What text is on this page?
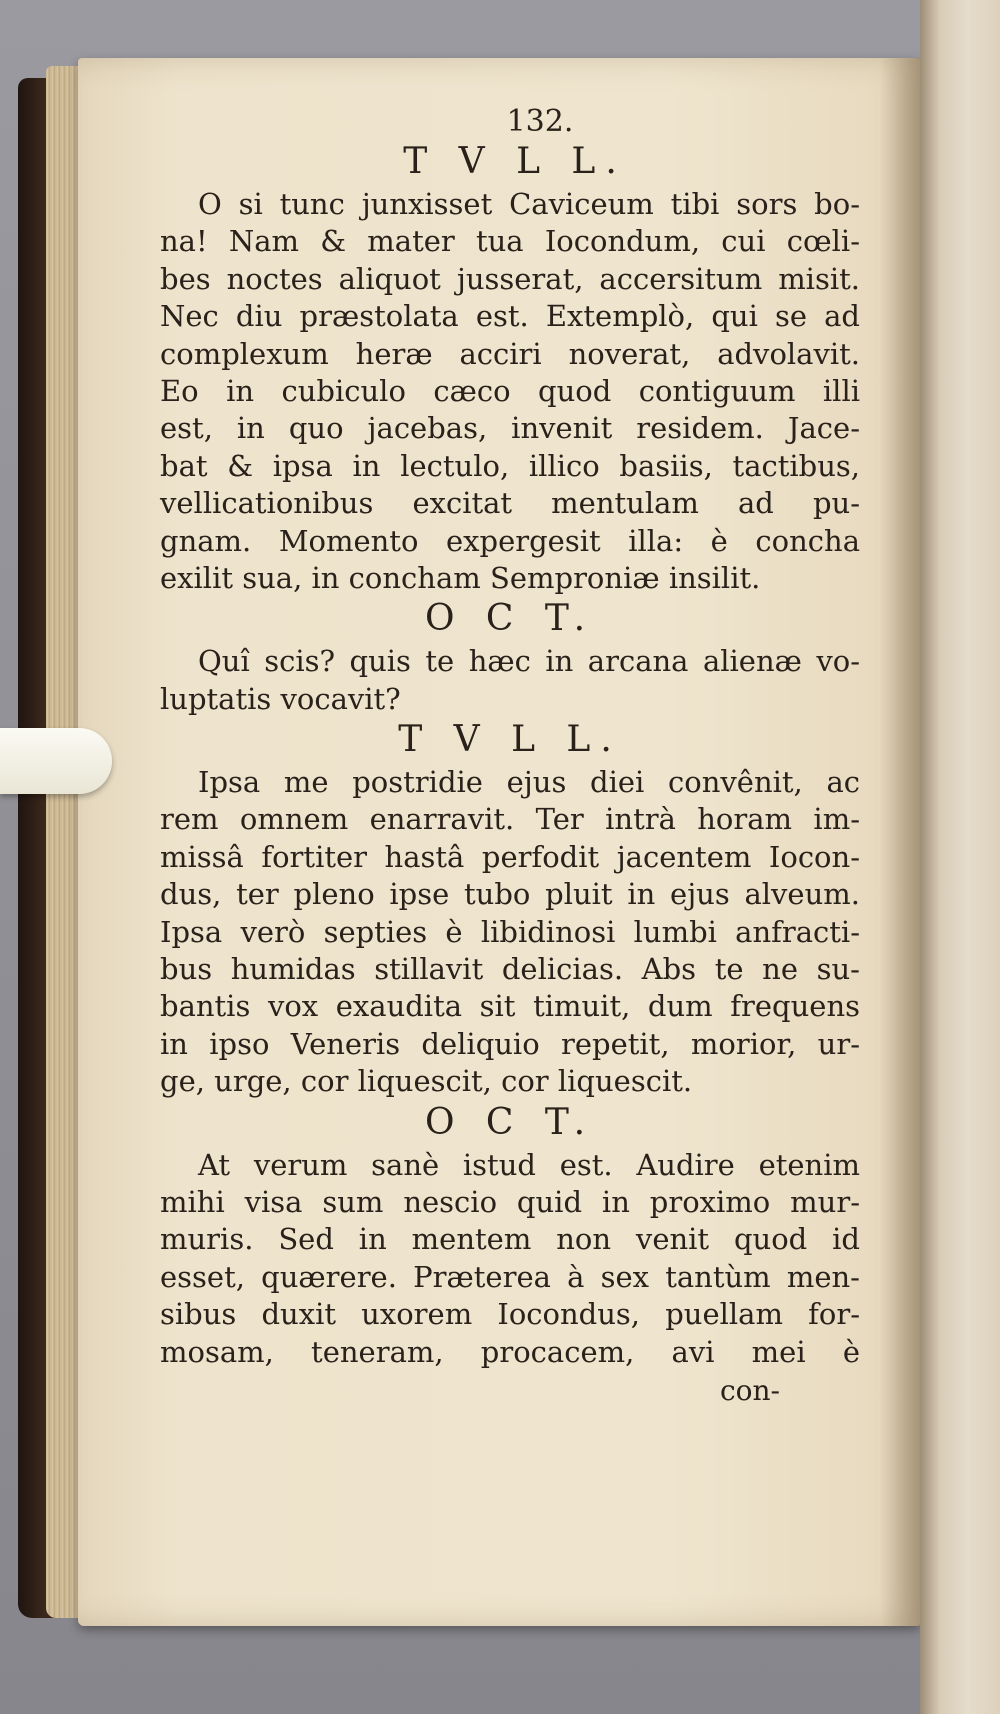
132.
T V L L.
O si tunc junxisset Caviceum tibi sors bo-
na! Nam & mater tua Iocondum, cui cœli-
bes noctes aliquot jusserat, accersitum misit.
Nec diu præstolata est. Extemplò, qui se ad
complexum heræ acciri noverat, advolavit.
Eo in cubiculo cæco quod contiguum illi
est, in quo jacebas, invenit residem. Jace-
bat & ipsa in lectulo, illico basiis, tactibus,
vellicationibus excitat mentulam ad pu-
gnam. Momento expergesit illa: è concha
exilit sua, in concham Semproniæ insilit.
O C T.
Quî scis? quis te hæc in arcana alienæ vo-
luptatis vocavit?
T V L L.
Ipsa me postridie ejus diei convênit, ac
rem omnem enarravit. Ter intrà horam im-
missâ fortiter hastâ perfodit jacentem Iocon-
dus, ter pleno ipse tubo pluit in ejus alveum.
Ipsa verò septies è libidinosi lumbi anfracti-
bus humidas stillavit delicias. Abs te ne su-
bantis vox exaudita sit timuit, dum frequens
in ipso Veneris deliquio repetit, morior, ur-
ge, urge, cor liquescit, cor liquescit.
O C T.
At verum sanè istud est. Audire etenim
mihi visa sum nescio quid in proximo mur-
muris. Sed in mentem non venit quod id
esset, quærere. Præterea à sex tantùm men-
sibus duxit uxorem Iocondus, puellam for-
mosam, teneram, procacem, avi mei è
con-
